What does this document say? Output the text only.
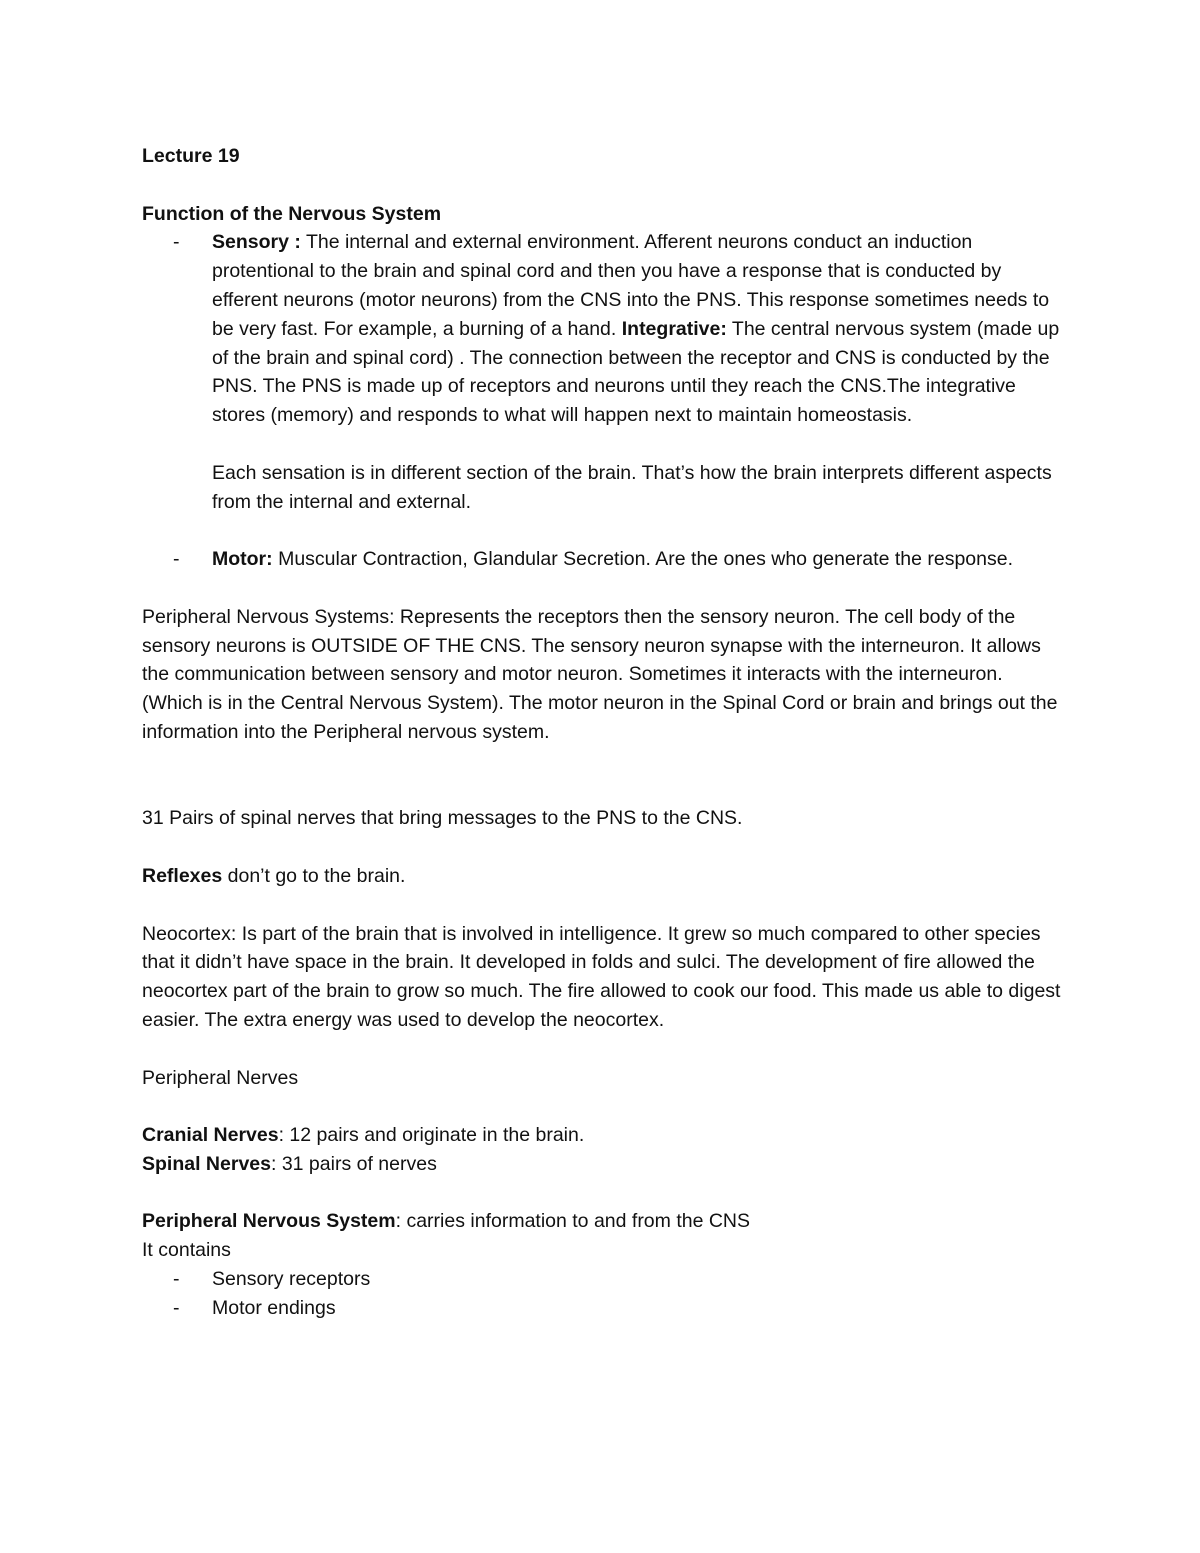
Lecture 19

Function of the Nervous System

- Sensory : The internal and external environment. Afferent neurons conduct an induction protentional to the brain and spinal cord and then you have a response that is conducted by efferent neurons (motor neurons) from the CNS into the PNS. This response sometimes needs to be very fast. For example, a burning of a hand. Integrative: The central nervous system (made up of the brain and spinal cord) . The connection between the receptor and CNS is conducted by the PNS. The PNS is made up of receptors and neurons until they reach the CNS.The integrative stores (memory) and responds to what will happen next to maintain homeostasis.

Each sensation is in different section of the brain. That’s how the brain interprets different aspects from the internal and external.

- Motor: Muscular Contraction, Glandular Secretion. Are the ones who generate the response.

Peripheral Nervous Systems: Represents the receptors then the sensory neuron. The cell body of the sensory neurons is OUTSIDE OF THE CNS. The sensory neuron synapse with the interneuron. It allows the communication between sensory and motor neuron. Sometimes it interacts with the interneuron. (Which is in the Central Nervous System). The motor neuron in the Spinal Cord or brain and brings out the information into the Peripheral nervous system.

31 Pairs of spinal nerves that bring messages to the PNS to the CNS.

Reflexes don’t go to the brain.

Neocortex: Is part of the brain that is involved in intelligence. It grew so much compared to other species that it didn’t have space in the brain. It developed in folds and sulci. The development of fire allowed the neocortex part of the brain to grow so much. The fire allowed to cook our food. This made us able to digest easier. The extra energy was used to develop the neocortex.

Peripheral Nerves

Cranial Nerves: 12 pairs and originate in the brain.

Spinal Nerves: 31 pairs of nerves

Peripheral Nervous System: carries information to and from the CNS

It contains

- Sensory receptors
- Motor endings
